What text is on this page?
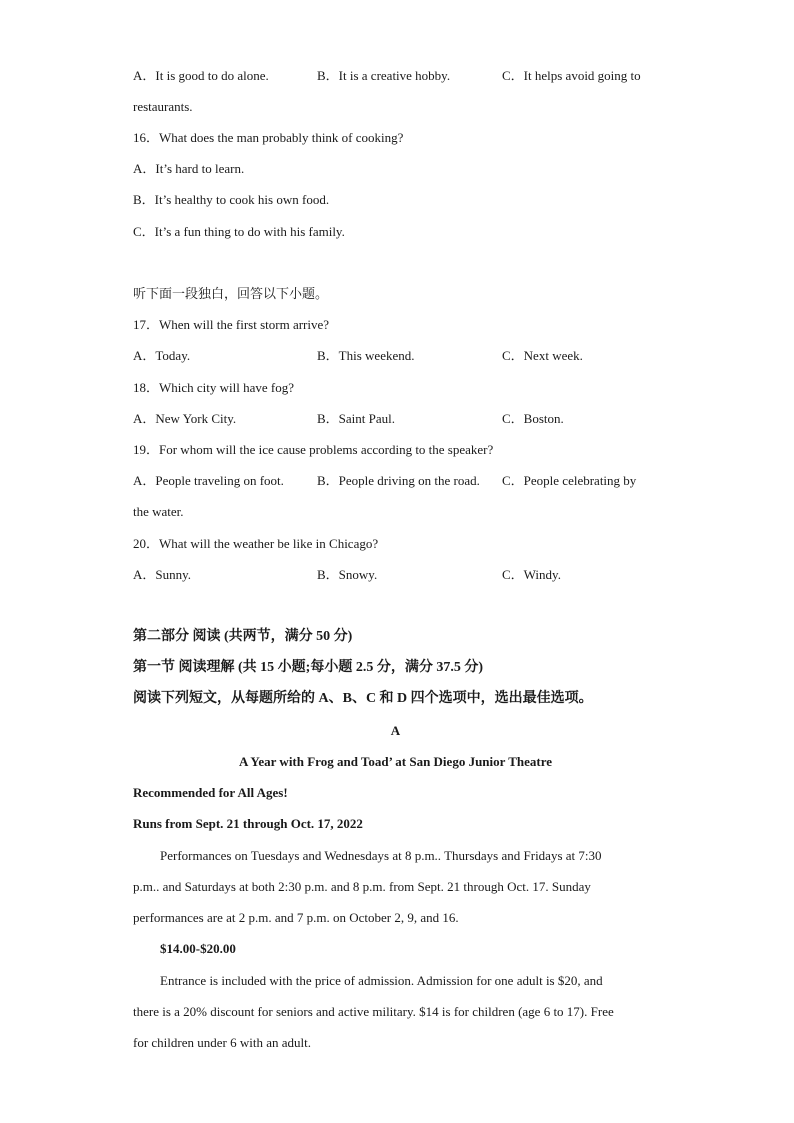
A．It is good to do alone.	B．It is a creative hobby.	C．It helps avoid going to
restaurants.
16．What does the man probably think of cooking?
A．It’s hard to learn.
B．It’s healthy to cook his own food.
C．It’s a fun thing to do with his family.
听下面一段独白，回答以下小题。
17．When will the first storm arrive?
A．Today.	B．This weekend.	C．Next week.
18．Which city will have fog?
A．New York City.	B．Saint Paul.	C．Boston.
19．For whom will the ice cause problems according to the speaker?
A．People traveling on foot.	B．People driving on the road. C．People celebrating by
the water.
20．What will the weather be like in Chicago?
A．Sunny.	B．Snowy.	C．Windy.
第二部分 阅读 (共两节，满分 50 分)
第一节 阅读理解 (共 15 小题;每小题 2.5 分，满分 37.5 分)
阅读下列短文，从每题所给的 A、B、C 和 D 四个选项中，选出最佳选项。
A
A Year with Frog and Toad’ at San Diego Junior Theatre
Recommended for All Ages!
Runs from Sept. 21 through Oct. 17, 2022
Performances on Tuesdays and Wednesdays at 8 p.m.. Thursdays and Fridays at 7:30
p.m.. and Saturdays at both 2:30 p.m. and 8 p.m. from Sept. 21 through Oct. 17. Sunday
performances are at 2 p.m. and 7 p.m. on October 2, 9, and 16.
$14.00-$20.00
Entrance is included with the price of admission. Admission for one adult is $20, and
there is a 20% discount for seniors and active military. $14 is for children (age 6 to 17). Free
for children under 6 with an adult.
